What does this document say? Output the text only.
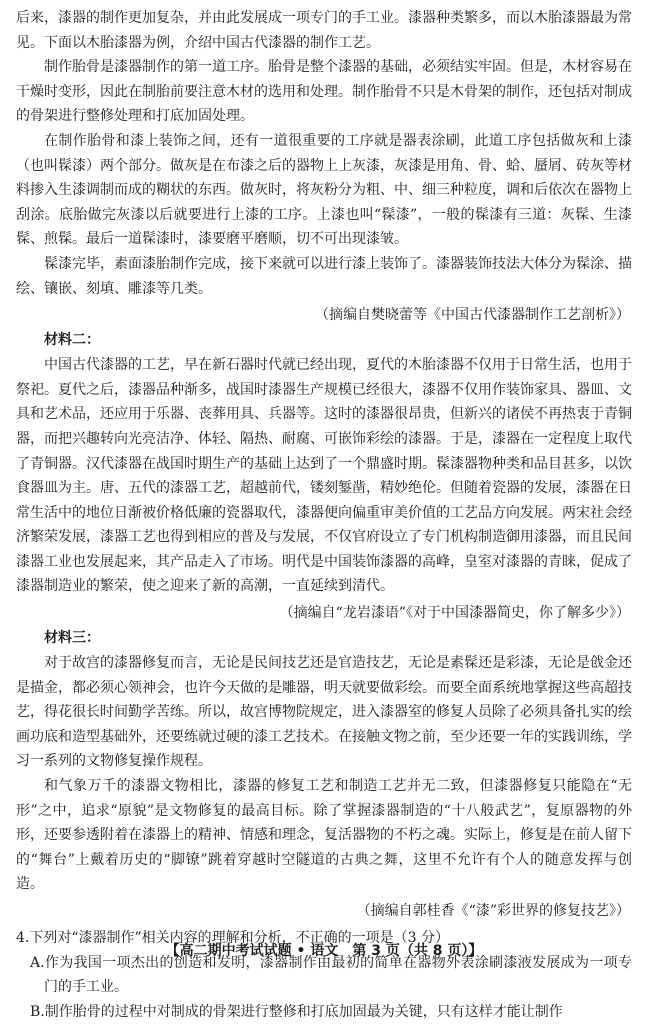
后来，漆器的制作更加复杂，并由此发展成一项专门的手工业。漆器种类繁多，而以木胎漆器最为常见。下面以木胎漆器为例，介绍中国古代漆器的制作工艺。

制作胎骨是漆器制作的第一道工序。胎骨是整个漆器的基础，必须结实牢固。但是，木材容易在干燥时变形，因此在制胎前要注意木材的选用和处理。制作胎骨不只是木骨架的制作，还包括对制成的骨架进行整修处理和打底加固处理。

在制作胎骨和漆上装饰之间，还有一道很重要的工序就是器表涂刷，此道工序包括做灰和上漆（也叫髹漆）两个部分。做灰是在布漆之后的器物上上灰漆，灰漆是用角、骨、蛤、蜃屑、砖灰等材料掺入生漆调制而成的糊状的东西。做灰时，将灰粉分为粗、中、细三种粒度，调和后依次在器物上刮涂。底胎做完灰漆以后就要进行上漆的工序。上漆也叫“髹漆”，一般的髹漆有三道：灰髹、生漆髹、煎髹。最后一道髹漆时，漆要磨平磨顺，切不可出现漆皱。

髹漆完毕，素面漆胎制作完成，接下来就可以进行漆上装饰了。漆器装饰技法大体分为髹涂、描绘、镶嵌、刻填、雕漆等几类。

（摘编自樊晓蕾等《中国古代漆器制作工艺剖析》）

材料二：

中国古代漆器的工艺，早在新石器时代就已经出现，夏代的木胎漆器不仅用于日常生活，也用于祭祀。夏代之后，漆器品种渐多，战国时漆器生产规模已经很大，漆器不仅用作装饰家具、器皿、文具和艺术品，还应用于乐器、丧葬用具、兵器等。这时的漆器很昂贵，但新兴的诸侯不再热衷于青铜器，而把兴趣转向光亮洁净、体轻、隔热、耐腐、可嵌饰彩绘的漆器。于是，漆器在一定程度上取代了青铜器。汉代漆器在战国时期生产的基础上达到了一个鼎盛时期。髹漆器物种类和品目甚多，以饮食器皿为主。唐、五代的漆器工艺，超越前代，镂刻錾凿，精妙绝伦。但随着瓷器的发展，漆器在日常生活中的地位日渐被价格低廉的瓷器取代，漆器便向偏重审美价值的工艺品方向发展。两宋社会经济繁荣发展，漆器工艺也得到相应的普及与发展，不仅官府设立了专门机构制造御用漆器，而且民间漆器工业也发展起来，其产品走入了市场。明代是中国装饰漆器的高峰，皇室对漆器的青睐，促成了漆器制造业的繁荣，使之迎来了新的高潮，一直延续到清代。

（摘编自“龙岩漆语”《对于中国漆器简史，你了解多少》）

材料三：

对于故宫的漆器修复而言，无论是民间技艺还是官造技艺，无论是素髹还是彩漆，无论是戗金还是描金，都必须心领神会，也许今天做的是雕器，明天就要做彩绘。而要全面系统地掌握这些高超技艺，得花很长时间勤学苦练。所以，故宫博物院规定，进入漆器室的修复人员除了必须具备扎实的绘画功底和造型基础外，还要练就过硬的漆工艺技术。在接触文物之前，至少还要一年的实践训练，学习一系列的文物修复操作规程。

和气象万千的漆器文物相比，漆器的修复工艺和制造工艺并无二致，但漆器修复只能隐在“无形”之中，追求“原貌”是文物修复的最高目标。除了掌握漆器制造的“十八般武艺”，复原器物的外形，还要参透附着在漆器上的精神、情感和理念，复活器物的不朽之魂。实际上，修复是在前人留下的“舞台”上戴着历史的“脚镣”跳着穿越时空隧道的古典之舞，这里不允许有个人的随意发挥与创造。

（摘编自郭桂香《“漆”彩世界的修复技艺》）

4.下列对“漆器制作”相关内容的理解和分析，不正确的一项是（3 分）

A.作为我国一项杰出的创造和发明，漆器制作由最初的简单在器物外表涂刷漆液发展成为一项专门的手工业。

B.制作胎骨的过程中对制成的骨架进行整修和打底加固最为关键，只有这样才能让制作

【高二期中考试试题 • 语文　第 3 页（共 8 页）】
